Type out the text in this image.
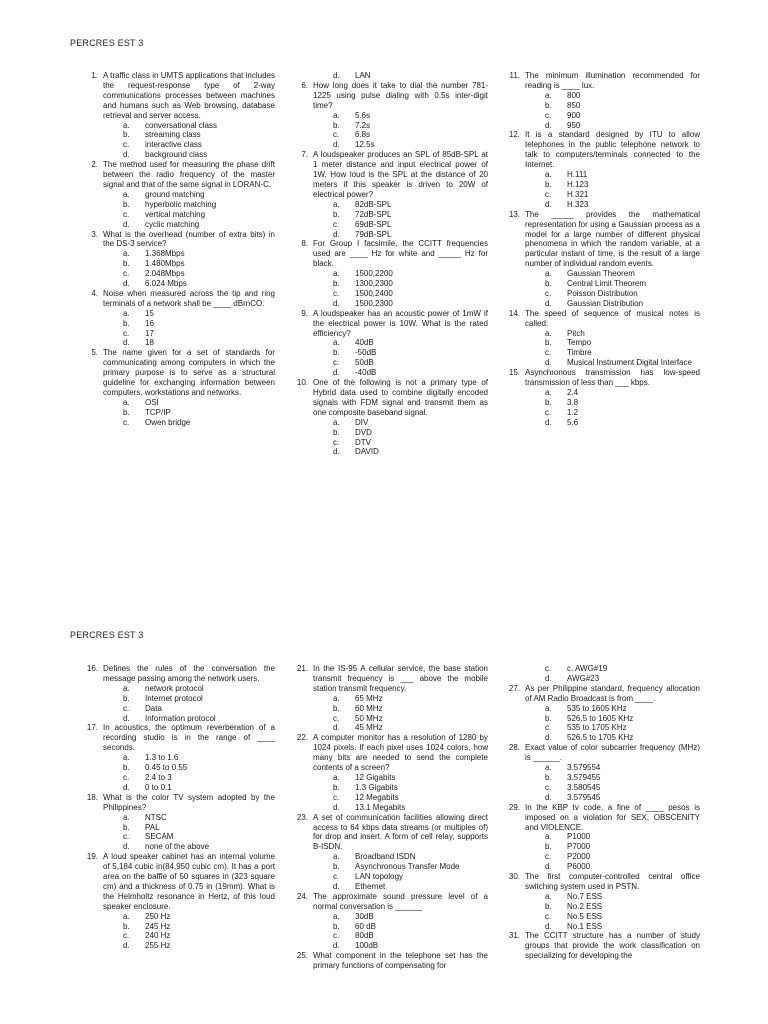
PERCRES EST 3
1. A traffic class in UMTS applications that includes the request-response type of 2-way communications processes between machines and humans such as Web browsing, database retrieval and server access.
a.	conversational class
b.	streaming class
c.	interactive class
d.	background class
2. The method used for measuring the phase drift between the radio frequency of the master signal and that of the same signal in LORAN-C.
a.	ground matching
b.	hyperbolic matching
c.	vertical matching
d.	cyclic matching
3. What is the overhead (number of extra bits) in the DS-3 service?
a.	1.368Mbps
b.	1.480Mbps
c.	2.048Mbps
d.	6.024 Mbps
4. Noise when measured across the tip and ring terminals of a network shall be ____ dBrnCO.
a.	15
b.	16
c.	17
d.	18
5. The name given for a set of standards for communicating among computers in which the primary purpose is to serve as a structural guideline for exchanging information between computers, workstations and networks.
a.	OSI
b.	TCP/IP
c.	Owen bridge
d.	LAN
6. How long does it take to dial the number 781-1225 using pulse dialing with 0.5s inter-digit time?
a.	5.6s
b.	7.2s
c.	6.8s
d.	12.5s
7. A loudspeaker produces an SPL of 85dB-SPL at 1 meter distance and input electrical power of 1W. How loud is the SPL at the distance of 20 meters if this speaker is driven to 20W of electrical power?
a.	82dB-SPL
b.	72dB-SPL
c.	69dB-SPL
d.	79dB-SPL
8. For Group I facsimile, the CCITT frequencies used are ____ Hz for white and _____ Hz for black.
a.	1500,2200
b.	1300,2300
c.	1500,2400
d.	1500,2300
9. A loudspeaker has an acoustic power of 1mW if the electrical power is 10W. What is the rated efficiency?
a.	40dB
b.	-50dB
c.	50dB
d.	-40dB
10. One of the following is not a primary type of Hybrid data used to combine digitally encoded signals with FDM signal and transmit them as one composite baseband signal.
a.	DIV
b.	DVD
c.	DTV
d.	DAVID
11. The minimum illumination recommended for reading is ____ lux.
a.	800
b.	850
c.	900
d.	950
12. It is a standard designed by ITU to allow telephones in the public telephone network to talk to computers/terminals connected to the Internet.
a.	H.111
b.	H.123
c.	H.321
d.	H.323
13. The _____ provides the mathematical representation for using a Gaussian process as a model for a large number of different physical phenomena in which the random variable, at a particular instant of time, is the result of a large number of individual random events.
a.	Gaussian Theorem
b.	Central Limit Theorem
c.	Poisson Distribution
d.	Gaussian Distribution
14. The speed of sequence of musical notes is called:
a.	Pitch
b.	Tempo
c.	Timbre
d.	Musical Instrument Digital Interface
15. Asynchronous transmission has low-speed transmission of less than ___ kbps.
a.	2.4
b.	3.8
c.	1.2
d.	5.6
PERCRES EST 3
16. Defines the rules of the conversation the message passing among the network users.
a.	network protocol
b.	Internet protocol
c.	Data
d.	Information protocol
17. In acoustics, the optimum reverberation of a recording studio is in the range of ____ seconds.
a.	1.3 to 1.6
b.	0.45 to 0.55
c.	2.4 to 3
d.	0 to 0.1
18. What is the color TV system adopted by the Philippines?
a.	NTSC
b.	PAL
c.	SECAM
d.	none of the above
19. A loud speaker cabinet has an internal volume of 5,184 cubic in(84,950 cubic cm). It has a port area on the baffle of 50 squares in (323 square cm) and a thickness of 0.75 in (19mm). What is the Helmholtz resonance in Hertz, of this loud speaker enclosure.
a.	250 Hz
b.	245 Hz
c.	240 Hz
d.	255 Hz
21. In the IS-95 A cellular service, the base station transmit frequency is ___ above the mobile station transmit frequency.
a.	65 MHz
b.	60 MHz
c.	50 MHz
d.	45 MHz
22. A computer monitor has a resolution of 1280 by 1024 pixels. If each pixel uses 1024 colors, how many bits are needed to send the complete contents of a screen?
a.	12 Gigabits
b.	1.3 Gigabits
c.	12 Megabits
d.	13.1 Megabits
23. A set of communication facilities allowing direct access to 64 kbps data streams (or multiples of) for drop and insert. A form of cell relay, supports B-ISDN.
a.	Broadband ISDN
b.	Asynchronous Transfer Mode
c.	LAN topology
d.	Ethernet
24. The approximate sound pressure level of a normal conversation is ______
a.	30dB
b.	60 dB
c.	80dB
d.	100dB
25. What component in the telephone set has the primary functions of compensating for
c.	c. AWG#19
d.	AWG#23
27. As per Philippine standard, frequency allocation of AM Radio Broadcast is from ____.
a.	535 to 1605 KHz
b.	526.5 to 1605 KHz
c.	535 to 1705 KHz
d.	526.5 to 1705 KHz
28. Exact value of color subcarrier frequency (MHz) is ______.
a.	3.579554
b.	3.579455
c.	3.580545
d.	3.579545
29. In the KBP tv code, a fine of ____ pesos is imposed on a violation for SEX, OBSCENITY and VIOLENCE.
a.	P1000
b.	P7000
c.	P2000
d.	P6000
30. The first computer-controlled central office switching system used in PSTN.
a.	No.7 ESS
b.	No.2 ESS
c.	No.5 ESS
d.	No.1 ESS
31. The CCITT structure has a number of study groups that provide the work classification on specializing for developing the
